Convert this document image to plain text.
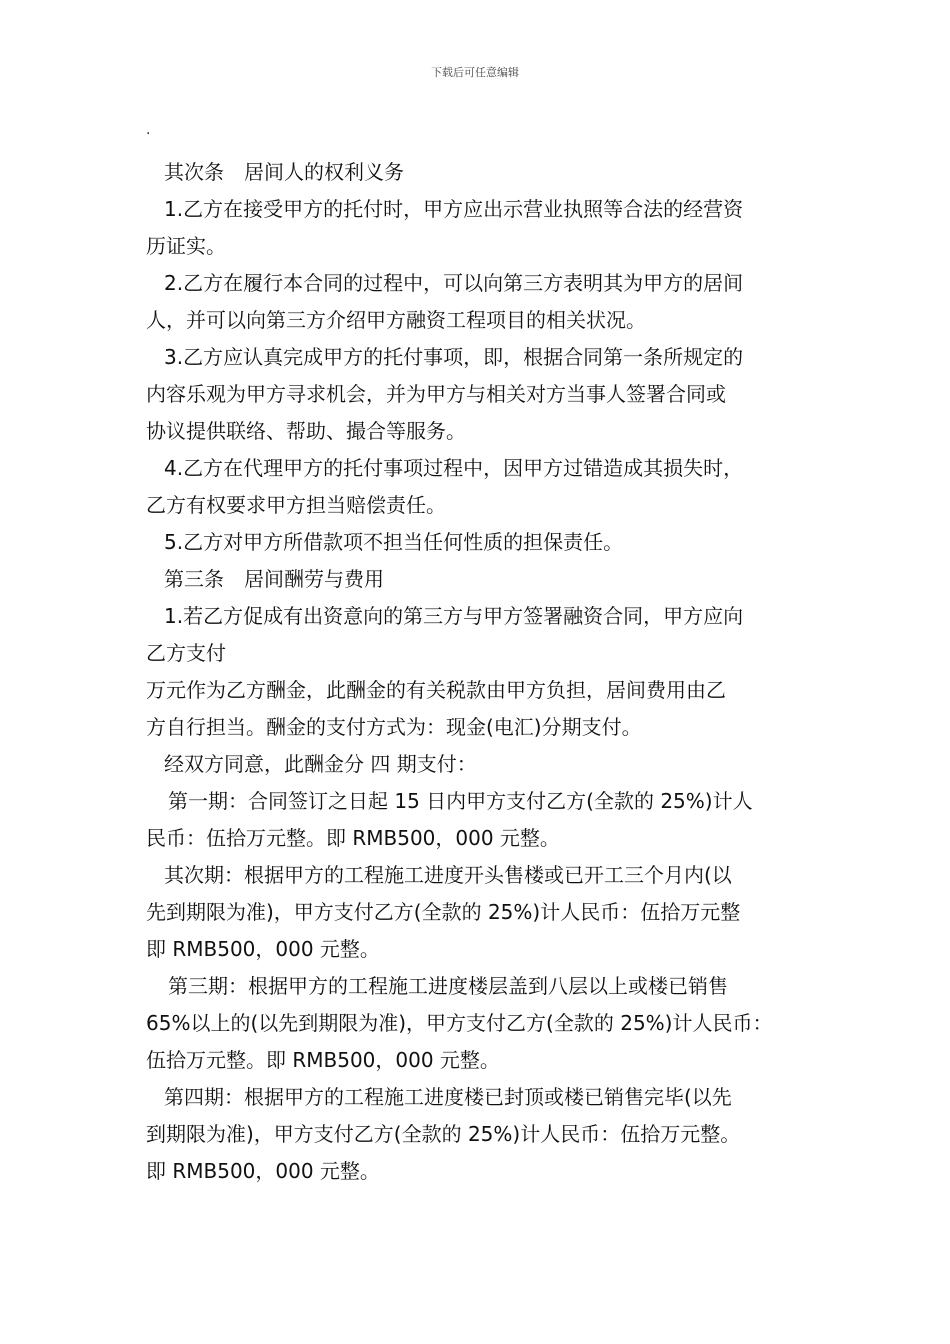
下载后可任意编辑
.
其次条　居间人的权利义务
1.乙方在接受甲方的托付时，甲方应出示营业执照等合法的经营资
历证实。
2.乙方在履行本合同的过程中，可以向第三方表明其为甲方的居间
人，并可以向第三方介绍甲方融资工程项目的相关状况。
3.乙方应认真完成甲方的托付事项，即，根据合同第一条所规定的
内容乐观为甲方寻求机会，并为甲方与相关对方当事人签署合同或
协议提供联络、帮助、撮合等服务。
4.乙方在代理甲方的托付事项过程中，因甲方过错造成其损失时，
乙方有权要求甲方担当赔偿责任。
5.乙方对甲方所借款项不担当任何性质的担保责任。
第三条　居间酬劳与费用
1.若乙方促成有出资意向的第三方与甲方签署融资合同，甲方应向
乙方支付
万元作为乙方酬金，此酬金的有关税款由甲方负担，居间费用由乙
方自行担当。酬金的支付方式为：现金(电汇)分期支付。
经双方同意，此酬金分 四 期支付：
第一期：合同签订之日起 15 日内甲方支付乙方(全款的 25%)计人
民币：伍拾万元整。即 RMB500，000 元整。
其次期：根据甲方的工程施工进度开头售楼或已开工三个月内(以
先到期限为准)，甲方支付乙方(全款的 25%)计人民币：伍拾万元整
即 RMB500，000 元整。
第三期：根据甲方的工程施工进度楼层盖到八层以上或楼已销售
65%以上的(以先到期限为准)，甲方支付乙方(全款的 25%)计人民币：
伍拾万元整。即 RMB500，000 元整。
第四期：根据甲方的工程施工进度楼已封顶或楼已销售完毕(以先
到期限为准)，甲方支付乙方(全款的 25%)计人民币：伍拾万元整。
即 RMB500，000 元整。
